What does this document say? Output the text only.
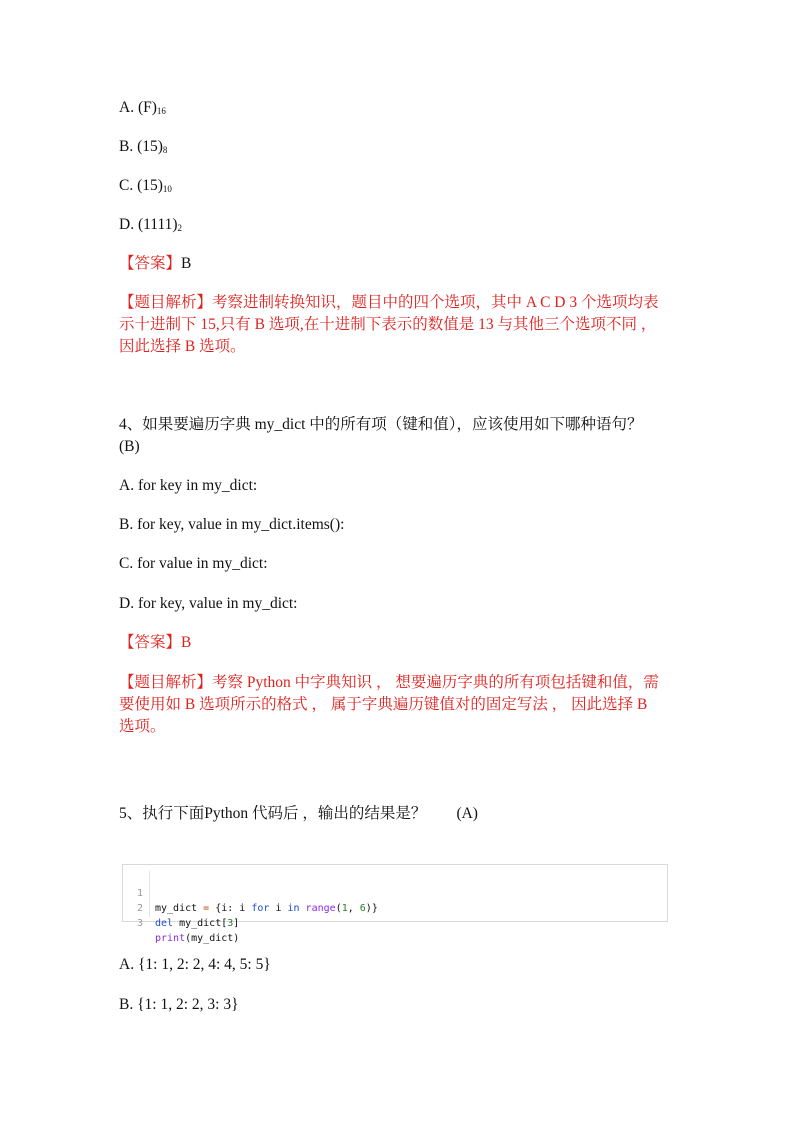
A. $(F)_{16}$
B. $(15)_8$
C. $(15)_{10}$
D. $(1111)_2$
【答案】B
【题目解析】考察进制转换知识，题目中的四个选项，其中 A C D 3 个选项均表
示十进制下 15,只有 B 选项,在十进制下表示的数值是 13 与其他三个选项不同 ，
因此选择 B 选项。
4、如果要遍历字典 my_dict 中的所有项（键和值），应该使用如下哪种语句？
(B)
A. for key in my_dict:
B. for key, value in my_dict.items():
C. for value in my_dict:
D. for key, value in my_dict:
【答案】B
【题目解析】考察 Python 中字典知识 ， 想要遍历字典的所有项包括键和值，需
要使用如 B 选项所示的格式 ， 属于字典遍历键值对的固定写法 ， 因此选择 B
选项。
5、执行下面Python 代码后 ，输出的结果是？ (A)

1

my_dict = {i: i for i in range(1, 6)}

2

del my_dict[3]

3

print(my_dict)

A. {1: 1, 2: 2, 4: 4, 5: 5}
B. {1: 1, 2: 2, 3: 3}
